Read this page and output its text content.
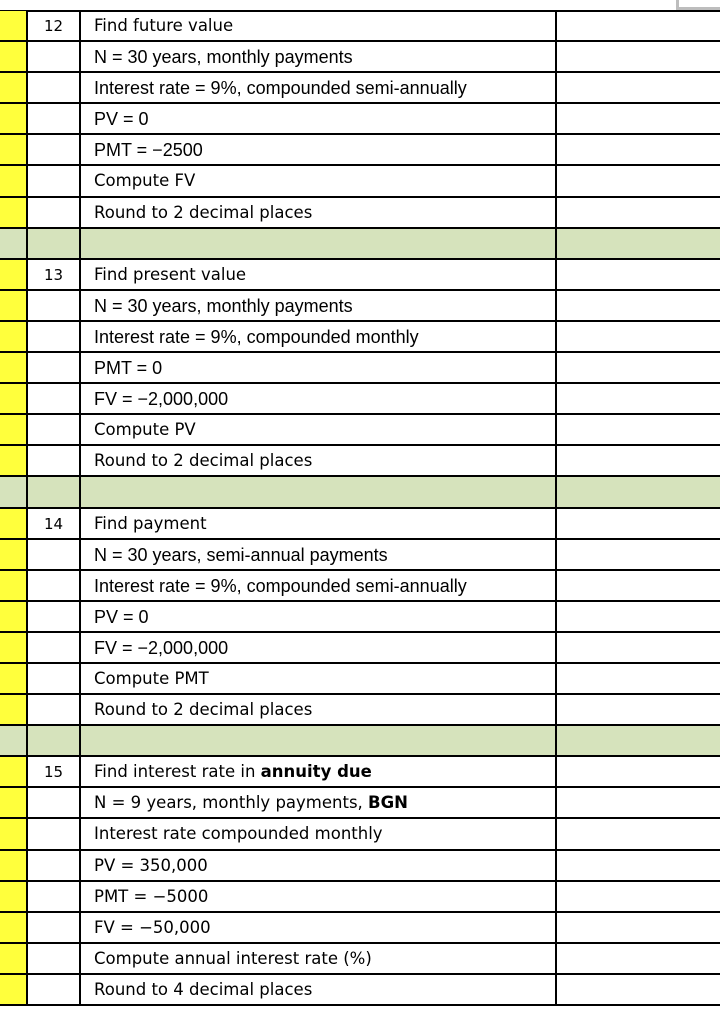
12	Find future value
N = 30 years, monthly payments
Interest rate = 9%, compounded semi-annually
PV = 0
PMT = −2500
Compute FV
Round to 2 decimal places
13	Find present value
N = 30 years, monthly payments
Interest rate = 9%, compounded monthly
PMT = 0
FV = −2,000,000
Compute PV
Round to 2 decimal places
14	Find payment
N = 30 years, semi-annual payments
Interest rate = 9%, compounded semi-annually
PV = 0
FV = −2,000,000
Compute PMT
Round to 2 decimal places
15	Find interest rate in annuity due
N = 9 years, monthly payments, BGN
Interest rate compounded monthly
PV = 350,000
PMT = −5000
FV = −50,000
Compute annual interest rate (%)
Round to 4 decimal places
